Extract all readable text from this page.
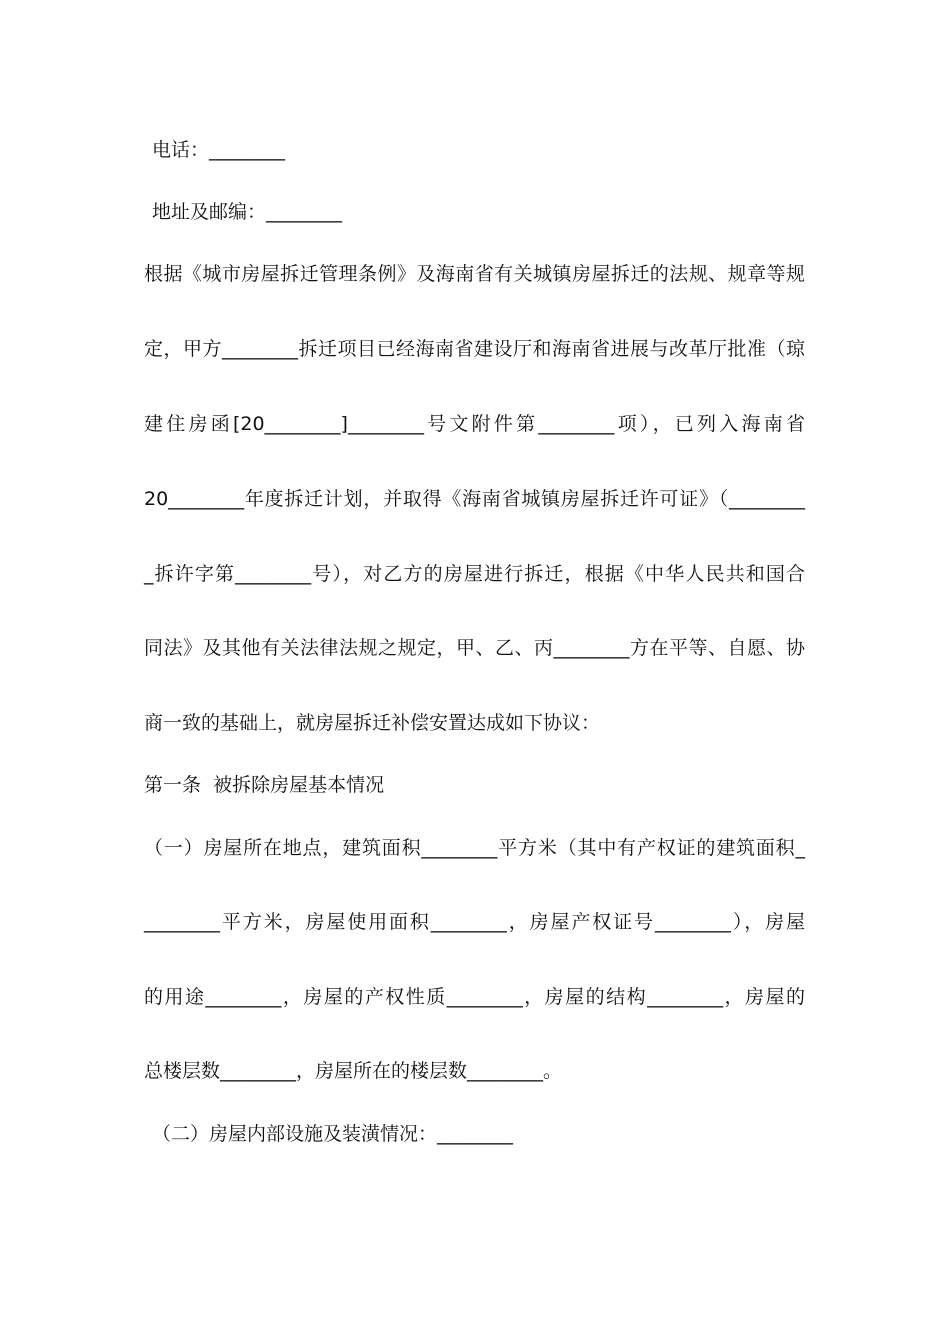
电话：________
地址及邮编：________
根据《城市房屋拆迁管理条例》及海南省有关城镇房屋拆迁的法规、规章等规
定，甲方________拆迁项目已经海南省建设厅和海南省进展与改革厅批准（琼
建住房函[20________]________号文附件第________项），已列入海南省
20________年度拆迁计划，并取得《海南省城镇房屋拆迁许可证》（________
_拆许字第________号），对乙方的房屋进行拆迁，根据《中华人民共和国合
同法》及其他有关法律法规之规定，甲、乙、丙________方在平等、自愿、协
商一致的基础上，就房屋拆迁补偿安置达成如下协议：
第一条  被拆除房屋基本情况
（一）房屋所在地点，建筑面积________平方米（其中有产权证的建筑面积_
________平方米，房屋使用面积________，房屋产权证号________），房屋
的用途________，房屋的产权性质________，房屋的结构________，房屋的
总楼层数________，房屋所在的楼层数________。
（二）房屋内部设施及装潢情况：________
